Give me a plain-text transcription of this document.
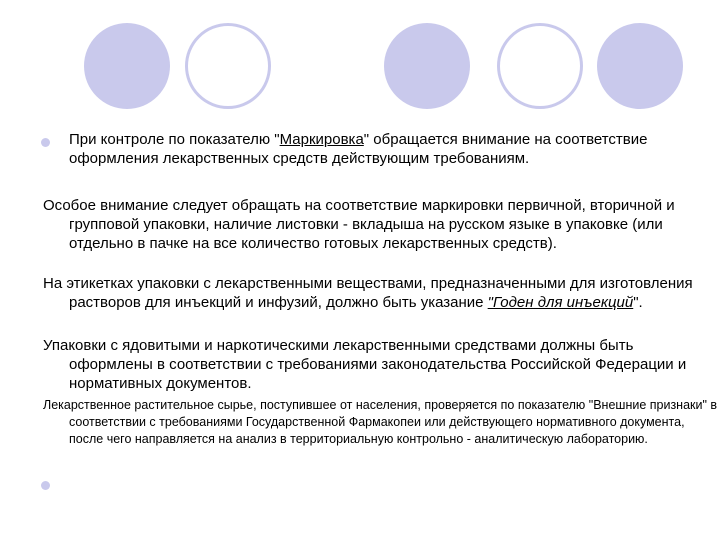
При контроле по показателю "Маркировка" обращается внимание на соответствие оформления лекарственных средств действующим требованиям.

Особое внимание следует обращать на соответствие маркировки первичной, вторичной и групповой упаковки, наличие листовки - вкладыша на русском языке в упаковке (или отдельно в пачке на все количество готовых лекарственных средств).

На этикетках упаковки с лекарственными веществами, предназначенными для изготовления растворов для инъекций и инфузий, должно быть указание "Годен для инъекций".

Упаковки с ядовитыми и наркотическими лекарственными средствами должны быть оформлены в соответствии с требованиями законодательства Российской Федерации и нормативных документов.

Лекарственное растительное сырье, поступившее от населения, проверяется по показателю "Внешние признаки" в соответствии с требованиями Государственной Фармакопеи или действующего нормативного документа, после чего направляется на анализ в территориальную контрольно - аналитическую лабораторию.
